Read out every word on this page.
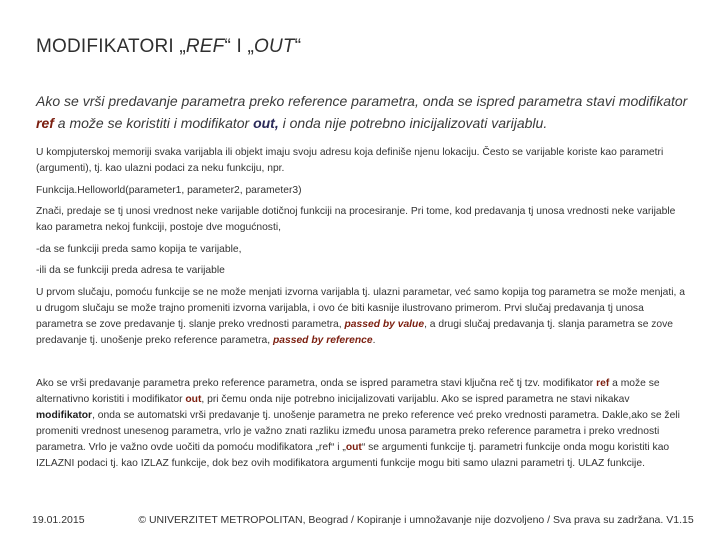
MODIFIKATORI „REF“ I „OUT“
Ako se vrši predavanje parametra preko reference parametra, onda se ispred parametra stavi modifikator ref a može se koristiti i modifikator out, i onda nije potrebno inicijalizovati varijablu.

U kompjuterskoj memoriji svaka varijabla ili objekt imaju svoju adresu koja definiše njenu lokaciju. Često se varijable koriste kao parametri (argumenti), tj. kao ulazni podaci za neku funkciju, npr.

Funkcija.Helloworld(parameter1, parameter2, parameter3)

Znači, predaje se tj unosi vrednost neke varijable dotičnoj funkciji na procesiranje. Pri tome, kod predavanja tj unosa vrednosti neke varijable kao parametra nekoj funkciji, postoje dve mogućnosti,

-da se funkciji preda samo kopija te varijable,

-ili da se funkciji preda adresa te varijable

U prvom slučaju, pomoću funkcije se ne može menjati izvorna varijabla tj. ulazni parametar, već samo kopija tog parametra se može menjati, a u drugom slučaju se može trajno promeniti izvorna varijabla, i ovo će biti kasnije ilustrovano primerom. Prvi slučaj predavanja tj unosa parametra se zove predavanje tj. slanje preko vrednosti parametra, passed by value, a drugi slučaj predavanja tj. slanja parametra se zove predavanje tj. unošenje preko reference parametra, passed by reference.

Ako se vrši predavanje parametra preko reference parametra, onda se ispred parametra stavi ključna reč tj tzv. modifikator ref a može se alternativno koristiti i modifikator out, pri čemu onda nije potrebno inicijalizovati varijablu. Ako se ispred parametra ne stavi nikakav modifikator, onda se automatski vrši predavanje tj. unošenje parametra ne preko reference već preko vrednosti parametra. Dakle,ako se želi promeniti vrednost unesenog parametra, vrlo je važno znati razliku između unosa parametra preko reference parametra i preko vrednosti parametra. Vrlo je važno ovde uočiti da pomoću modifikatora „ref“ i „out“ se argumenti funkcije tj. parametri funkcije onda mogu koristiti kao IZLAZNI podaci tj. kao IZLAZ funkcije, dok bez ovih modifikatora argumenti funkcije mogu biti samo ulazni parametri tj. ULAZ funkcije.

19.01.2015	© UNIVERZITET METROPOLITAN, Beograd / Kopiranje i umnožavanje nije dozvoljeno / Sva prava su zadržana. V1.15
